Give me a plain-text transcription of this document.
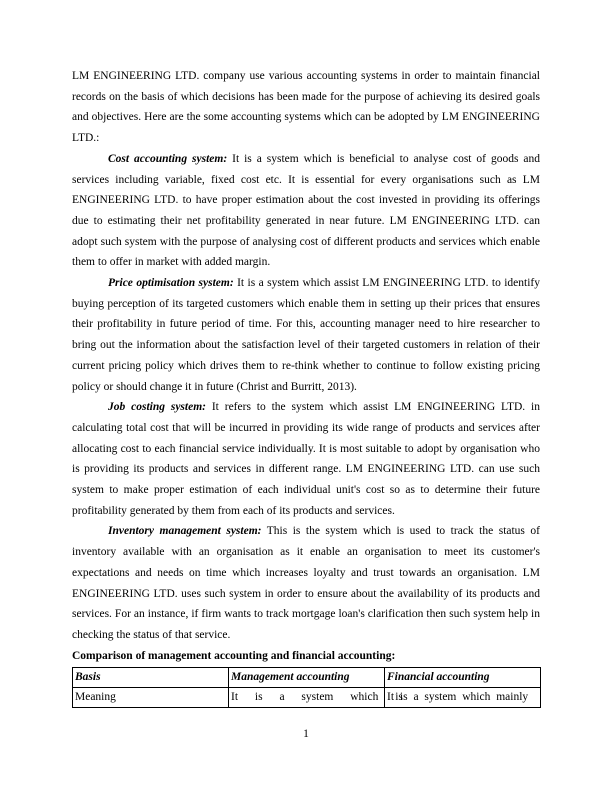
LM ENGINEERING LTD. company use various accounting systems in order to maintain financial records on the basis of which decisions has been made for the purpose of achieving its desired goals and objectives. Here are the some accounting systems which can be adopted by LM ENGINEERING LTD.:

Cost accounting system: It is a system which is beneficial to analyse cost of goods and services including variable, fixed cost etc. It is essential for every organisations such as LM ENGINEERING LTD. to have proper estimation about the cost invested in providing its offerings due to estimating their net profitability generated in near future. LM ENGINEERING LTD. can adopt such system with the purpose of analysing cost of different products and services which enable them to offer in market with added margin.

Price optimisation system: It is a system which assist LM ENGINEERING LTD. to identify buying perception of its targeted customers which enable them in setting up their prices that ensures their profitability in future period of time. For this, accounting manager need to hire researcher to bring out the information about the satisfaction level of their targeted customers in relation of their current pricing policy which drives them to re-think whether to continue to follow existing pricing policy or should change it in future (Christ and Burritt, 2013).

Job costing system: It refers to the system which assist LM ENGINEERING LTD. in calculating total cost that will be incurred in providing its wide range of products and services after allocating cost to each financial service individually. It is most suitable to adopt by organisation who is providing its products and services in different range. LM ENGINEERING LTD. can use such system to make proper estimation of each individual unit's cost so as to determine their future profitability generated by them from each of its products and services.

Inventory management system: This is the system which is used to track the status of inventory available with an organisation as it enable an organisation to meet its customer's expectations and needs on time which increases loyalty and trust towards an organisation. LM ENGINEERING LTD. uses such system in order to ensure about the availability of its products and services. For an instance, if firm wants to track mortgage loan's clarification then such system help in checking the status of that service.

Comparison of management accounting and financial accounting:

Basis	Management accounting	Financial accounting
Meaning	It is a system which is	It is a system which mainly
1
